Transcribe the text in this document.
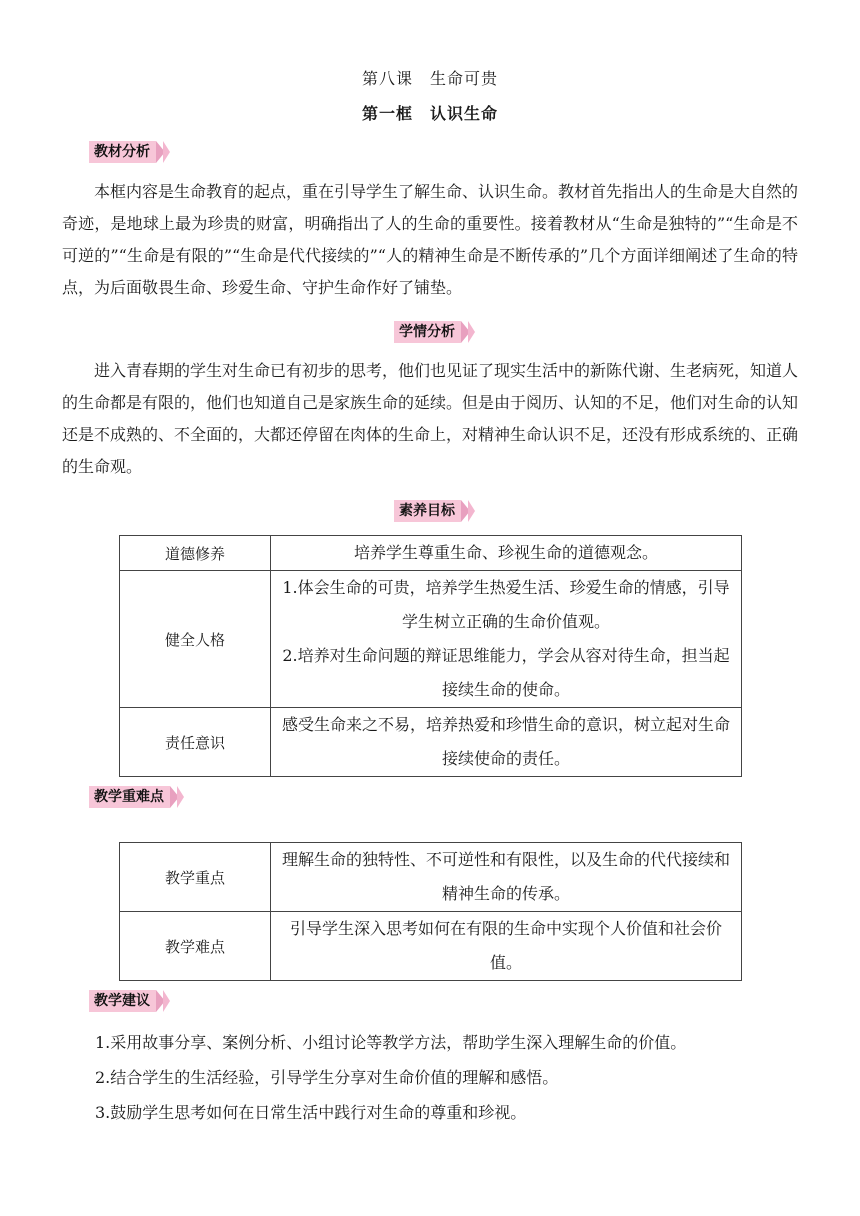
第八课　生命可贵
第一框　认识生命
教材分析

本框内容是生命教育的起点，重在引导学生了解生命、认识生命。教材首先指出人的生命是大自然的奇迹，是地球上最为珍贵的财富，明确指出了人的生命的重要性。接着教材从“生命是独特的”“生命是不可逆的”“生命是有限的”“生命是代代接续的”“人的精神生命是不断传承的”几个方面详细阐述了生命的特点，为后面敬畏生命、珍爱生命、守护生命作好了铺垫。

学情分析

进入青春期的学生对生命已有初步的思考，他们也见证了现实生活中的新陈代谢、生老病死，知道人的生命都是有限的，他们也知道自己是家族生命的延续。但是由于阅历、认知的不足，他们对生命的认知还是不成熟的、不全面的，大都还停留在肉体的生命上，对精神生命认识不足，还没有形成系统的、正确的生命观。

素养目标
道德修养	培养学生尊重生命、珍视生命的道德观念。
健全人格	1.体会生命的可贵，培养学生热爱生活、珍爱生命的情感，引导学生树立正确的生命价值观。
2.培养对生命问题的辩证思维能力，学会从容对待生命，担当起接续生命的使命。

责任意识	感受生命来之不易，培养热爱和珍惜生命的意识，树立起对生命接续使命的责任。
教学重难点
教学重点	理解生命的独特性、不可逆性和有限性，以及生命的代代接续和精神生命的传承。
教学难点	引导学生深入思考如何在有限的生命中实现个人价值和社会价值。
教学建议
1.采用故事分享、案例分析、小组讨论等教学方法，帮助学生深入理解生命的价值。
2.结合学生的生活经验，引导学生分享对生命价值的理解和感悟。
3.鼓励学生思考如何在日常生活中践行对生命的尊重和珍视。
